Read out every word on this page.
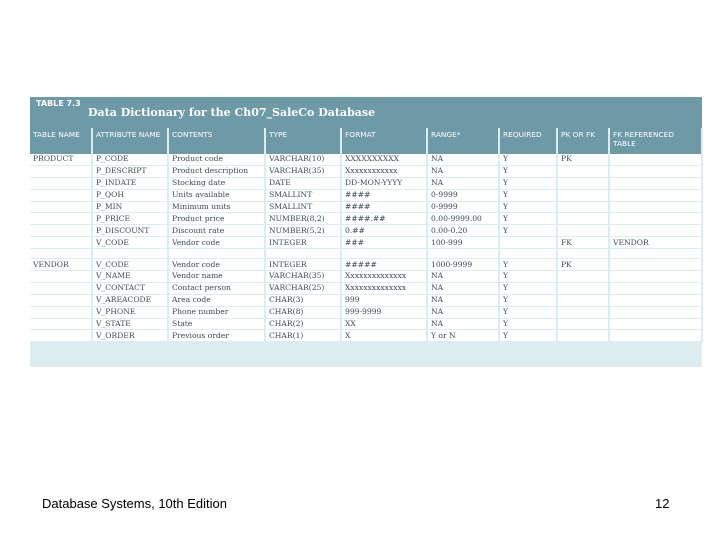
TABLE 7.3
Data Dictionary for the Ch07_SaleCo Database
TABLE NAME	ATTRIBUTE NAME	CONTENTS	TYPE	FORMAT	RANGE*	REQUIRED	PK OR FK	FK REFERENCED TABLE
PRODUCT	P_CODE	Product code	VARCHAR(10)	XXXXXXXXXX	NA	Y	PK	
	P_DESCRIPT	Product description	VARCHAR(35)	Xxxxxxxxxxxx	NA	Y		
	P_INDATE	Stocking date	DATE	DD-MON-YYYY	NA	Y		
	P_QOH	Units available	SMALLINT	####	0-9999	Y		
	P_MIN	Minimum units	SMALLINT	####	0-9999	Y		
	P_PRICE	Product price	NUMBER(8,2)	####.##	0.00-9999.00	Y		
	P_DISCOUNT	Discount rate	NUMBER(5,2)	0.##	0.00-0.20	Y		
	V_CODE	Vendor code	INTEGER	###	100-999		FK	VENDOR

VENDOR	V_CODE	Vendor code	INTEGER	#####	1000-9999	Y	PK	
	V_NAME	Vendor name	VARCHAR(35)	Xxxxxxxxxxxxxx	NA	Y		
	V_CONTACT	Contact person	VARCHAR(25)	Xxxxxxxxxxxxxx	NA	Y		
	V_AREACODE	Area code	CHAR(3)	999	NA	Y		
	V_PHONE	Phone number	CHAR(8)	999-9999	NA	Y		
	V_STATE	State	CHAR(2)	XX	NA	Y		
	V_ORDER	Previous order	CHAR(1)	X	Y or N	Y		
Database Systems, 10th Edition	12
